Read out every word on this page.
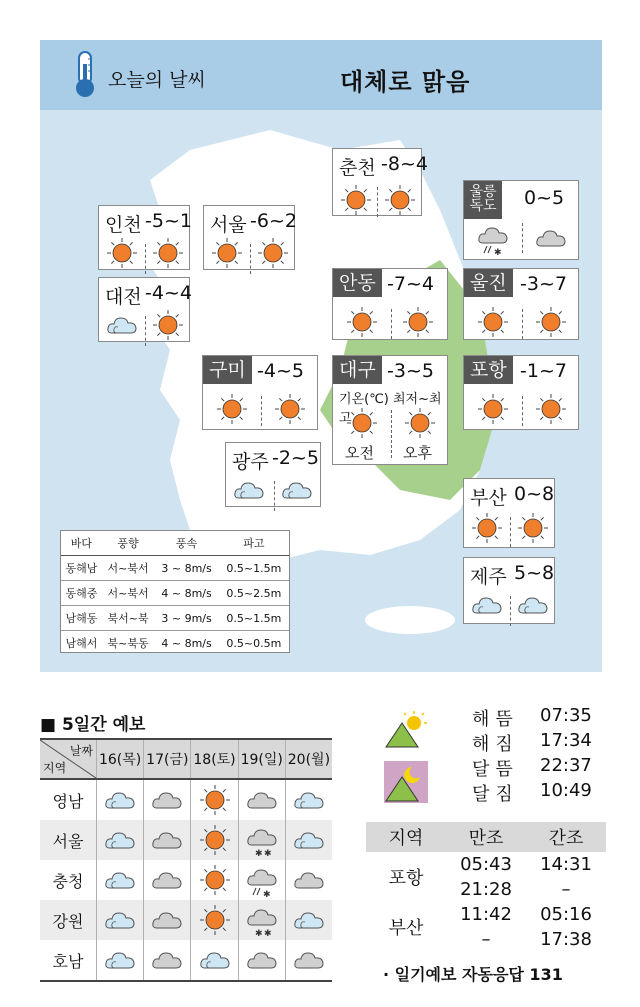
오늘의 날씨	대체로 맑음
춘천 -8~4
인천 -5~1 서울 -6~2
울릉
독도 0~5
✱
대전 -4~4	안동 -7~4	울진 -3~7
구미 -4~5	대구 -3~5
기온(℃) 최저~최고
오전 오후
포항 -1~7
광주 -2~5
부산 0~8
제주 5~8
바다	풍향	풍속	파고
동해남	서~북서	3 ~ 8m/s	0.5~1.5m
동해중	서~북서	4 ~ 8m/s	0.5~2.5m
남해동	북서~북	3 ~ 9m/s	0.5~1.5m
남해서	북~북동	4 ~ 8m/s	0.5~0.5m
■ 5일간 예보
날짜
지역	16(목)	17(금)	18(토)	19(일)	20(월)
영남					
서울				✱ ✱

충청				✱

강원				✱ ✱

호남					
해뜸 07:35
해짐 17:34
달뜸 22:37
달짐 10:49
지역	만조	간조
포항	05:43	14:31
	21:28	–
부산	11:42	05:16
	–	17:38
· 일기예보 자동응답 131
